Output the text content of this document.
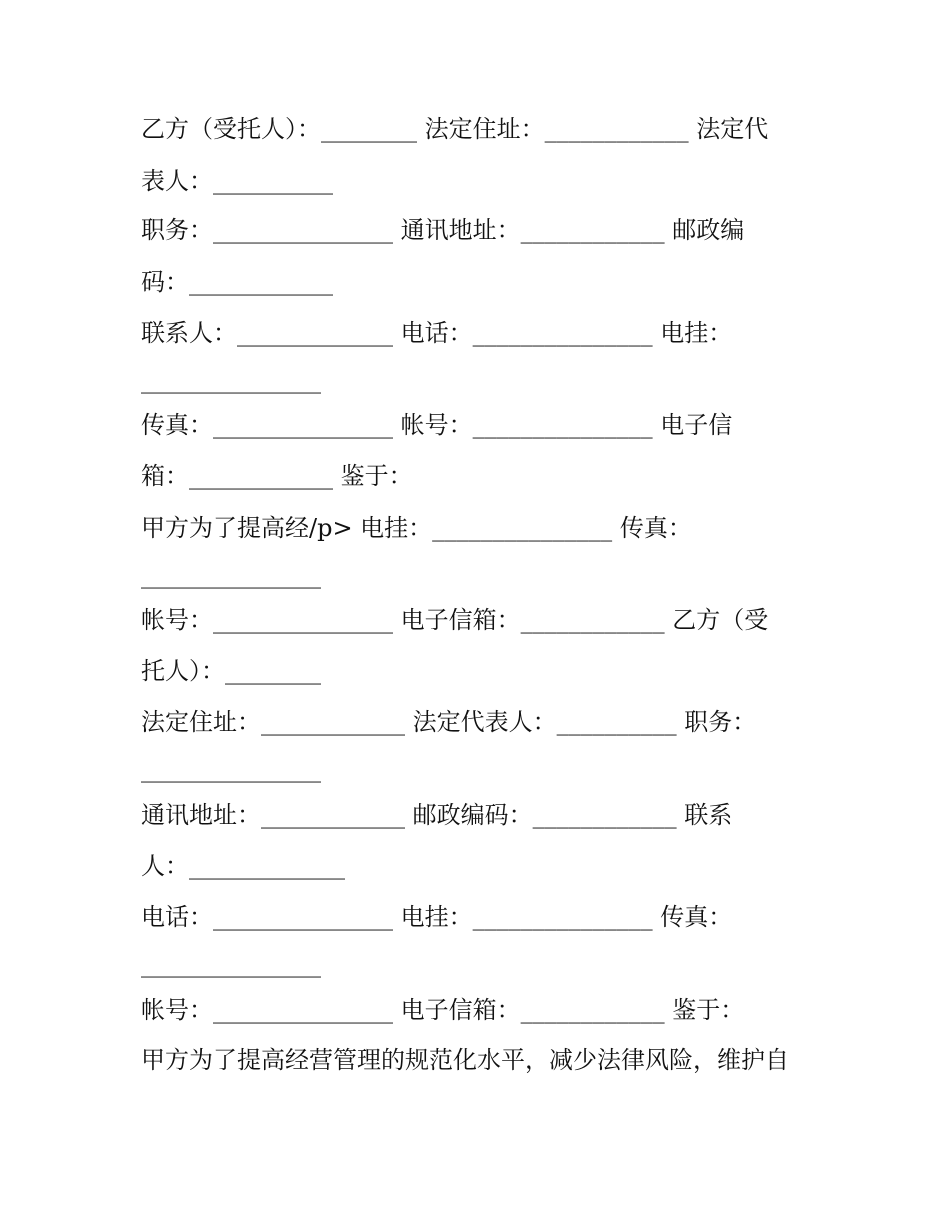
乙方（受托人）：________ 法定住址：____________ 法定代
表人：__________
职务：_______________ 通讯地址：____________ 邮政编
码：____________
联系人：_____________ 电话：_______________ 电挂：
_______________
传真：_______________ 帐号：_______________ 电子信
箱：____________ 鉴于：
甲方为了提高经/p> 电挂：_______________ 传真：
_______________
帐号：_______________ 电子信箱：____________ 乙方（受
托人）：________
法定住址：____________ 法定代表人：__________ 职务：
_______________
通讯地址：____________ 邮政编码：____________ 联系
人：_____________
电话：_______________ 电挂：_______________ 传真：
_______________
帐号：_______________ 电子信箱：____________ 鉴于：
甲方为了提高经营管理的规范化水平，减少法律风险，维护自
